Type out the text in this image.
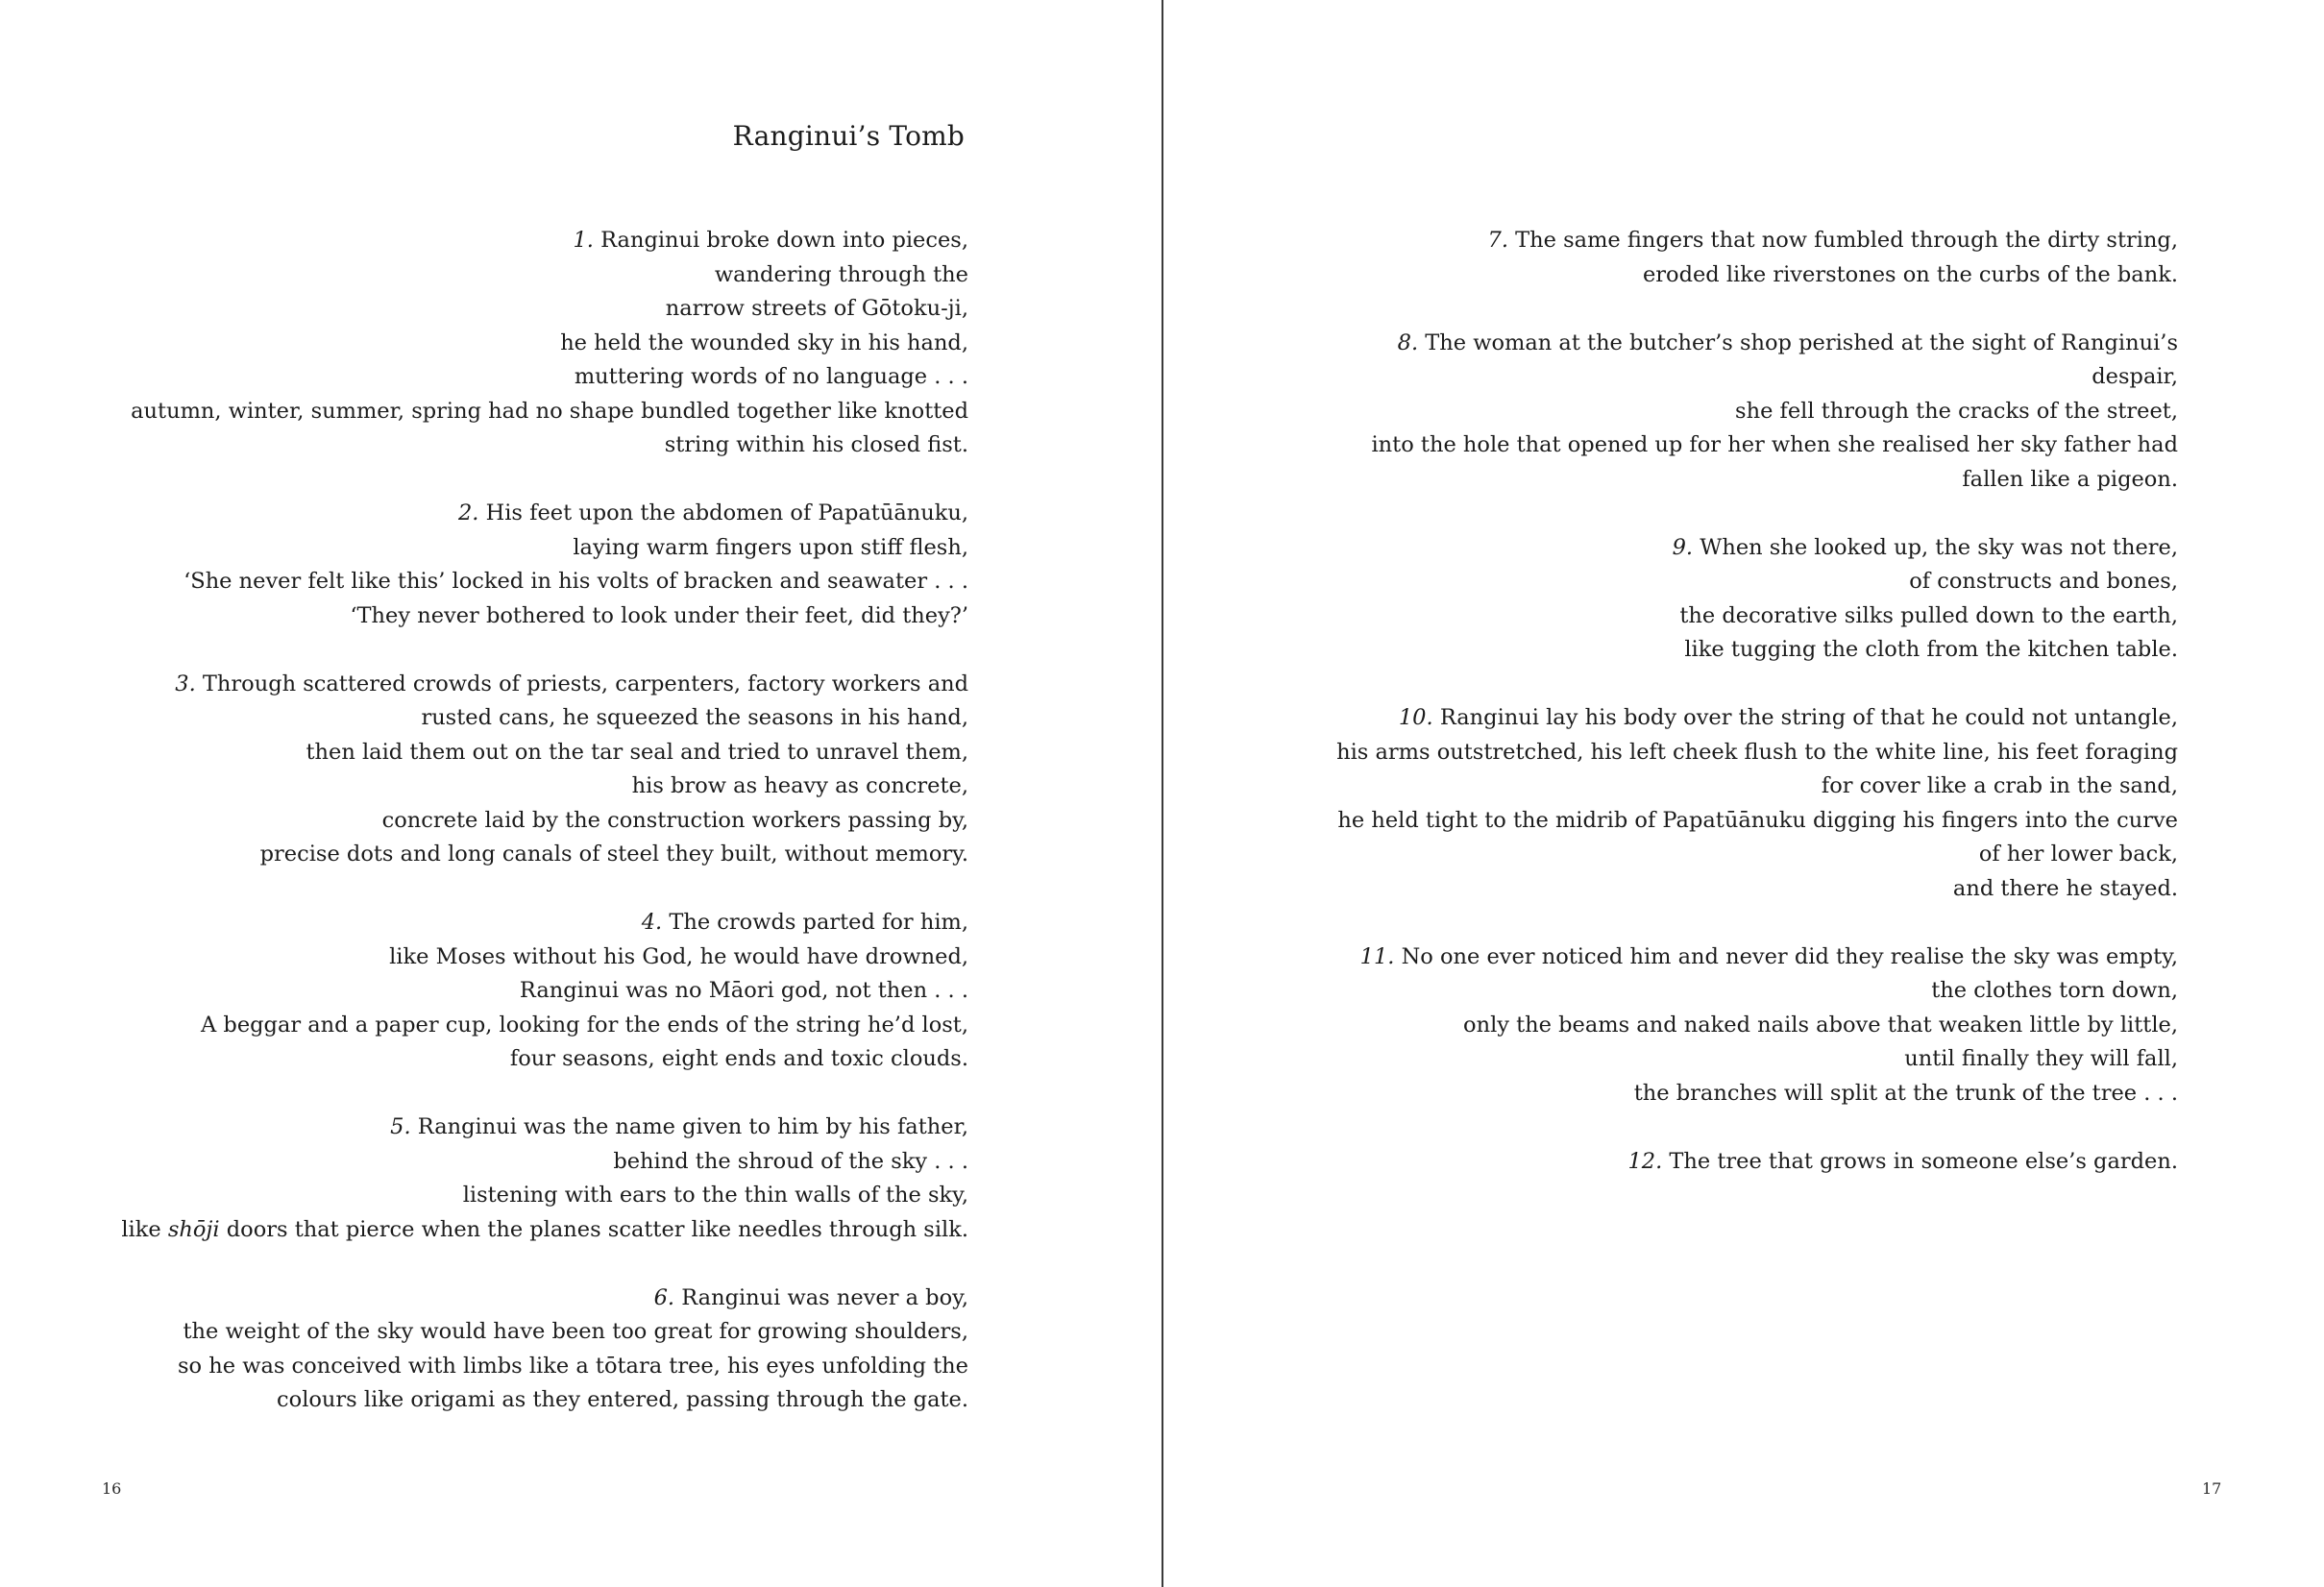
Ranginui’s Tomb

1. Ranginui broke down into pieces,
wandering through the
narrow streets of Gōtoku-ji,
he held the wounded sky in his hand,
muttering words of no language . . .
autumn, winter, summer, spring had no shape bundled together like knotted
string within his closed fist.

2. His feet upon the abdomen of Papatūānuku,
laying warm fingers upon stiff flesh,
‘She never felt like this’ locked in his volts of bracken and seawater . . .
‘They never bothered to look under their feet, did they?’

3. Through scattered crowds of priests, carpenters, factory workers and
rusted cans, he squeezed the seasons in his hand,
then laid them out on the tar seal and tried to unravel them,
his brow as heavy as concrete,
concrete laid by the construction workers passing by,
precise dots and long canals of steel they built, without memory.

4. The crowds parted for him,
like Moses without his God, he would have drowned,
Ranginui was no Māori god, not then . . .
A beggar and a paper cup, looking for the ends of the string he’d lost,
four seasons, eight ends and toxic clouds.

5. Ranginui was the name given to him by his father,
behind the shroud of the sky . . .
listening with ears to the thin walls of the sky,
like shōji doors that pierce when the planes scatter like needles through silk.

6. Ranginui was never a boy,
the weight of the sky would have been too great for growing shoulders,
so he was conceived with limbs like a tōtara tree, his eyes unfolding the
colours like origami as they entered, passing through the gate.

16

7. The same fingers that now fumbled through the dirty string,
eroded like riverstones on the curbs of the bank.

8. The woman at the butcher’s shop perished at the sight of Ranginui’s
despair,
she fell through the cracks of the street,
into the hole that opened up for her when she realised her sky father had
fallen like a pigeon.

9. When she looked up, the sky was not there,
of constructs and bones,
the decorative silks pulled down to the earth,
like tugging the cloth from the kitchen table.

10. Ranginui lay his body over the string of that he could not untangle,
his arms outstretched, his left cheek flush to the white line, his feet foraging
for cover like a crab in the sand,
he held tight to the midrib of Papatūānuku digging his fingers into the curve
of her lower back,
and there he stayed.

11. No one ever noticed him and never did they realise the sky was empty,
the clothes torn down,
only the beams and naked nails above that weaken little by little,
until finally they will fall,
the branches will split at the trunk of the tree . . .

12. The tree that grows in someone else’s garden.

17
